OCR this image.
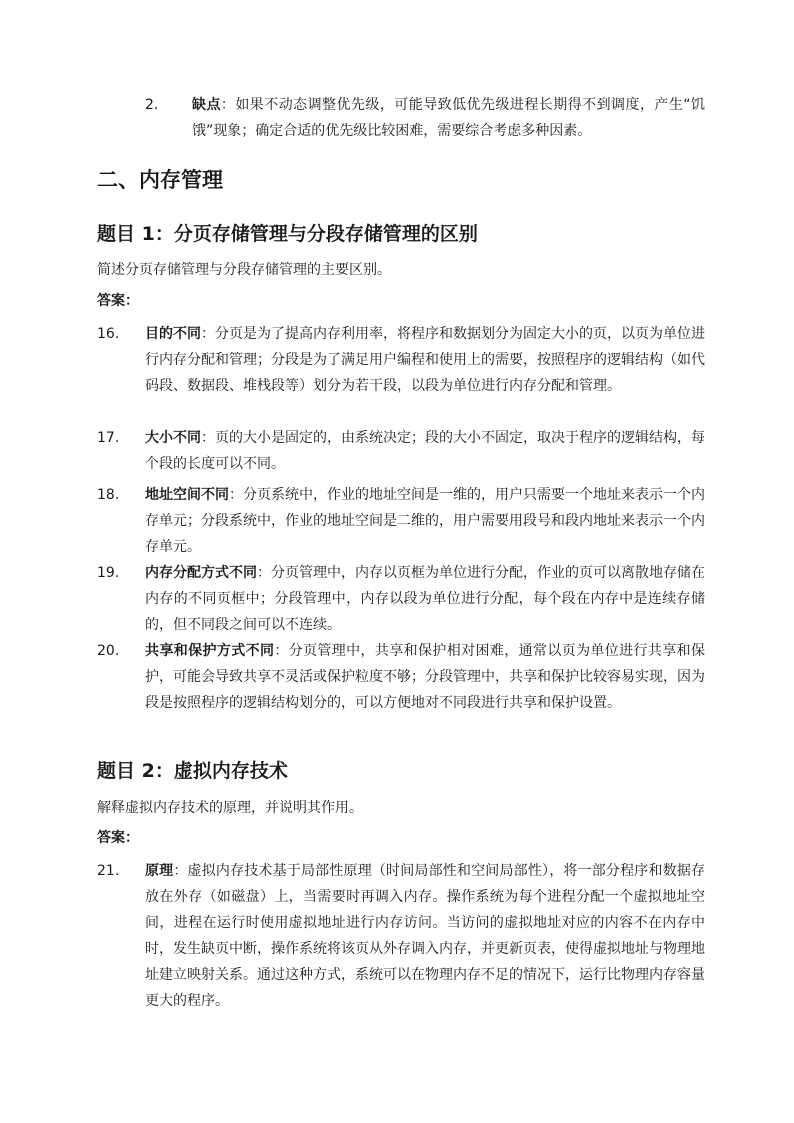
2. 缺点：如果不动态调整优先级，可能导致低优先级进程长期得不到调度，产生“饥饿”现象；确定合适的优先级比较困难，需要综合考虑多种因素。
二、内存管理
题目 1：分页存储管理与分段存储管理的区别
简述分页存储管理与分段存储管理的主要区别。
答案：
16. 目的不同：分页是为了提高内存利用率，将程序和数据划分为固定大小的页，以页为单位进行内存分配和管理；分段是为了满足用户编程和使用上的需要，按照程序的逻辑结构（如代码段、数据段、堆栈段等）划分为若干段，以段为单位进行内存分配和管理。
17. 大小不同：页的大小是固定的，由系统决定；段的大小不固定，取决于程序的逻辑结构，每个段的长度可以不同。
18. 地址空间不同：分页系统中，作业的地址空间是一维的，用户只需要一个地址来表示一个内存单元；分段系统中，作业的地址空间是二维的，用户需要用段号和段内地址来表示一个内存单元。
19. 内存分配方式不同：分页管理中，内存以页框为单位进行分配，作业的页可以离散地存储在内存的不同页框中；分段管理中，内存以段为单位进行分配，每个段在内存中是连续存储的，但不同段之间可以不连续。
20. 共享和保护方式不同：分页管理中，共享和保护相对困难，通常以页为单位进行共享和保护，可能会导致共享不灵活或保护粒度不够；分段管理中，共享和保护比较容易实现，因为段是按照程序的逻辑结构划分的，可以方便地对不同段进行共享和保护设置。
题目 2：虚拟内存技术
解释虚拟内存技术的原理，并说明其作用。
答案：
21. 原理：虚拟内存技术基于局部性原理（时间局部性和空间局部性），将一部分程序和数据存放在外存（如磁盘）上，当需要时再调入内存。操作系统为每个进程分配一个虚拟地址空间，进程在运行时使用虚拟地址进行内存访问。当访问的虚拟地址对应的内容不在内存中时，发生缺页中断，操作系统将该页从外存调入内存，并更新页表，使得虚拟地址与物理地址建立映射关系。通过这种方式，系统可以在物理内存不足的情况下，运行比物理内存容量更大的程序。
